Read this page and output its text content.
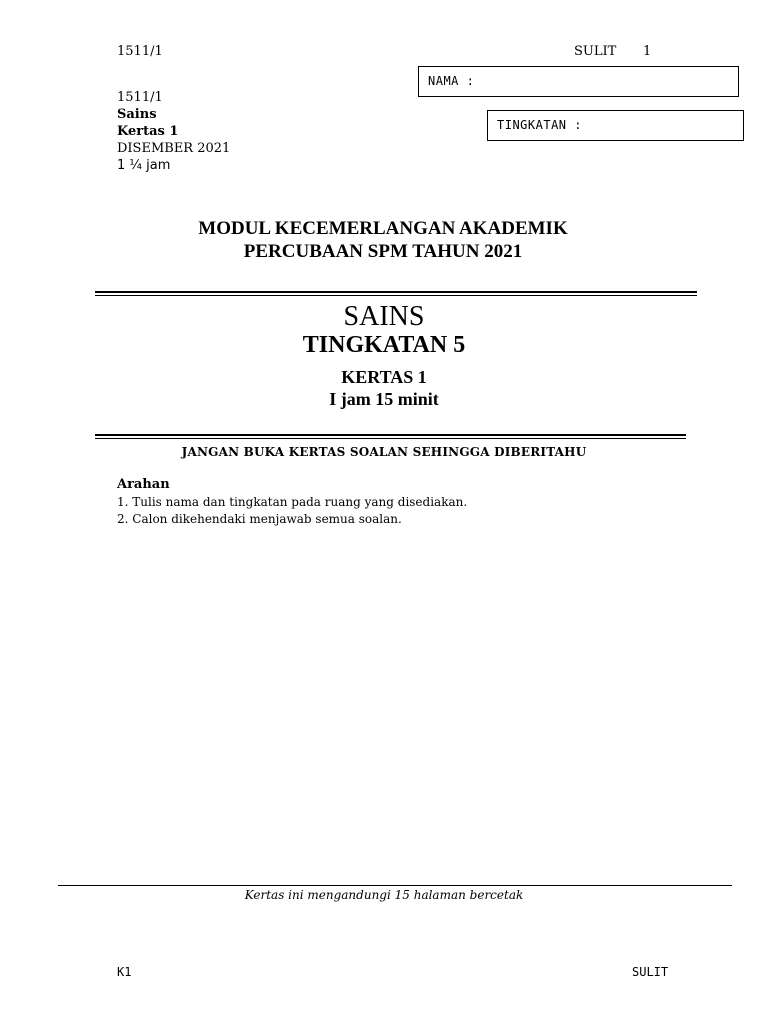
1511/1	SULIT 1
NAMA :
TINGKATAN :
1511/1
Sains
Kertas 1
DISEMBER 2021
1 ¼ jam
MODUL KECEMERLANGAN AKADEMIK
PERCUBAAN SPM TAHUN 2021
SAINS
TINGKATAN 5
KERTAS 1
I jam 15 minit
JANGAN BUKA KERTAS SOALAN SEHINGGA DIBERITAHU
Arahan
1. Tulis nama dan tingkatan pada ruang yang disediakan.
2. Calon dikehendaki menjawab semua soalan.
Kertas ini mengandungi 15 halaman bercetak
K1	SULIT
